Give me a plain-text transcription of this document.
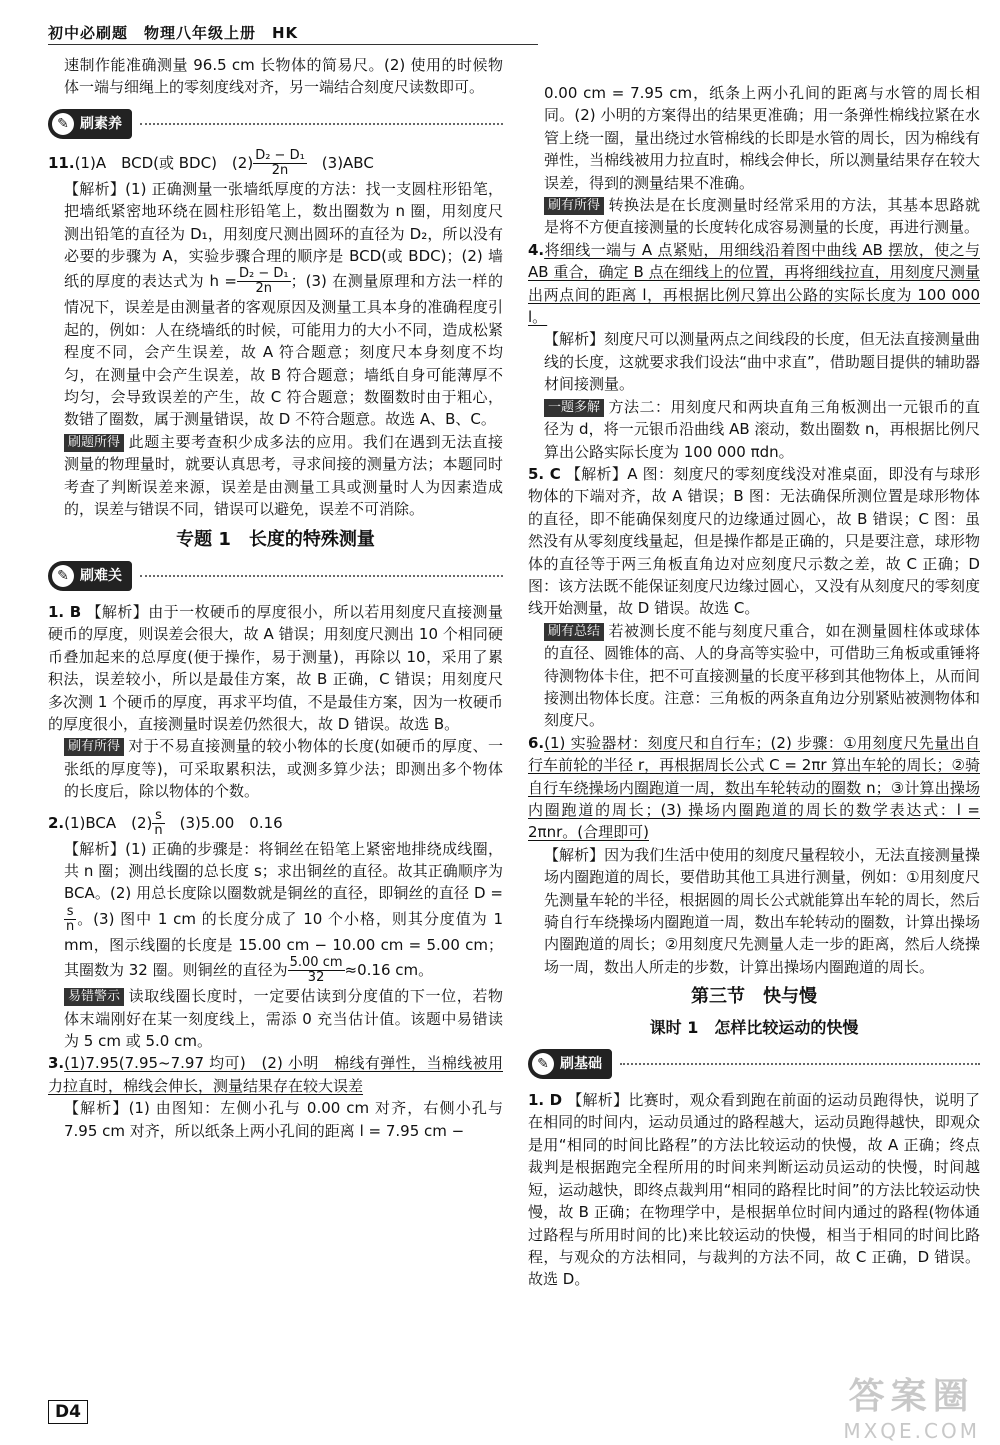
初中必刷题　物理八年级上册　HK

速制作能准确测量 96.5 cm 长物体的简易尺。(2) 使用的时候物体一端与细绳上的零刻度线对齐，另一端结合刻度尺读数即可。

✎ 刷素养

11.(1)A　BCD(或 BDC)　$(2) \frac{\text{D₂ − D₁}}{2n}$ 　(3)ABC

【解析】(1) 正确测量一张墙纸厚度的方法：找一支圆柱形铅笔，把墙纸紧密地环绕在圆柱形铅笔上，数出圈数为 n 圈，用刻度尺测出铅笔的直径为 D₁，用刻度尺测出圆环的直径为 D₂，所以没有必要的步骤为 A，实验步骤合理的顺序是 BCD(或 BDC)；(2) 墙纸的厚度的表达式为 $h = \frac{\text{D₂ − D₁}}{2n}$ ；(3) 在测量原理和方法一样的情况下，误差是由测量者的客观原因及测量工具本身的准确程度引起的，例如：人在绕墙纸的时候，可能用力的大小不同，造成松紧程度不同，会产生误差，故 A 符合题意；刻度尺本身刻度不均匀，在测量中会产生误差，故 B 符合题意；墙纸自身可能薄厚不均匀，会导致误差的产生，故 C 符合题意；数圈数时由于粗心，数错了圈数，属于测量错误，故 D 不符合题意。故选 A、B、C。

刷题所得 此题主要考查积少成多法的应用。我们在遇到无法直接测量的物理量时，就要认真思考，寻求间接的测量方法；本题同时考查了判断误差来源，误差是由测量工具或测量时人为因素造成的，误差与错误不同，错误可以避免，误差不可消除。

专题 1　长度的特殊测量

✎ 刷难关

1. B 【解析】由于一枚硬币的厚度很小，所以若用刻度尺直接测量硬币的厚度，则误差会很大，故 A 错误；用刻度尺测出 10 个相同硬币叠加起来的总厚度(便于操作，易于测量)，再除以 10，采用了累积法，误差较小，所以是最佳方案，故 B 正确，C 错误；用刻度尺多次测 1 个硬币的厚度，再求平均值，不是最佳方案，因为一枚硬币的厚度很小，直接测量时误差仍然很大，故 D 错误。故选 B。

刷有所得 对于不易直接测量的较小物体的长度(如硬币的厚度、一张纸的厚度等)，可采取累积法，或测多算少法；即测出多个物体的长度后，除以物体的个数。

2.(1)BCA　$(2) \frac{s}{n}$ 　(3)5.00　0.16

【解析】(1) 正确的步骤是：将铜丝在铅笔上紧密地排绕成线圈，共 n 圈；测出线圈的总长度 s；求出铜丝的直径。故其正确顺序为 BCA。(2) 用总长度除以圈数就是铜丝的直径，即铜丝的直径 D =
$\frac{s}{n}$ 。(3) 图中 1 cm 的长度分成了 10 个小格，则其分度值为 1 mm，图示线圈的长度是 15.00 cm − 10.00 cm = 5.00 cm；其圈数为 32 圈。则铜丝的直径为 $\frac{5.00 cm}{32} \approx 0.16$ cm。

易错警示 读取线圈长度时，一定要估读到分度值的下一位，若物体末端刚好在某一刻度线上，需添 0 充当估计值。该题中易错读为 5 cm 或 5.0 cm。

3.(1)7.95(7.95~7.97 均可)　(2) 小明　棉线有弹性，当棉线被用力拉直时，棉线会伸长，测量结果存在较大误差

【解析】(1) 由图知：左侧小孔与 0.00 cm 对齐，右侧小孔与 7.95 cm 对齐，所以纸条上两小孔间的距离 l = 7.95 cm −

0.00 cm = 7.95 cm，纸条上两小孔间的距离与水管的周长相同。(2) 小明的方案得出的结果更准确；用一条弹性棉线拉紧在水管上绕一圈，量出绕过水管棉线的长即是水管的周长，因为棉线有弹性，当棉线被用力拉直时，棉线会伸长，所以测量结果存在较大误差，得到的测量结果不准确。

刷有所得 转换法是在长度测量时经常采用的方法，其基本思路就是将不方便直接测量的长度转化成容易测量的长度，再进行测量。

4.将细线一端与 A 点紧贴，用细线沿着图中曲线 AB 摆放，使之与 AB 重合，确定 B 点在细线上的位置，再将细线拉直，用刻度尺测量出两点间的距离 l，再根据比例尺算出公路的实际长度为 100 000 l。

【解析】刻度尺可以测量两点之间线段的长度，但无法直接测量曲线的长度，这就要求我们设法“曲中求直”，借助题目提供的辅助器材间接测量。

一题多解 方法二：用刻度尺和两块直角三角板测出一元银币的直径为 d，将一元银币沿曲线 AB 滚动，数出圈数 n，再根据比例尺算出公路实际长度为 100 000 πdn。

5. C 【解析】A 图：刻度尺的零刻度线没对准桌面，即没有与球形物体的下端对齐，故 A 错误；B 图：无法确保所测位置是球形物体的直径，即不能确保刻度尺的边缘通过圆心，故 B 错误；C 图：虽然没有从零刻度线量起，但是操作都是正确的，只是要注意，球形物体的直径等于两三角板直角边对应刻度尺示数之差，故 C 正确；D 图：该方法既不能保证刻度尺边缘过圆心，又没有从刻度尺的零刻度线开始测量，故 D 错误。故选 C。

刷有总结 若被测长度不能与刻度尺重合，如在测量圆柱体或球体的直径、圆锥体的高、人的身高等实验中，可借助三角板或重锤将待测物体卡住，把不可直接测量的长度平移到其他物体上，从而间接测出物体长度。注意：三角板的两条直角边分别紧贴被测物体和刻度尺。

6.(1) 实验器材：刻度尺和自行车；(2) 步骤：①用刻度尺先量出自行车前轮的半径 r，再根据周长公式 C = 2πr 算出车轮的周长；②骑自行车绕操场内圈跑道一周，数出车轮转动的圈数 n；③计算出操场内圈跑道的周长；(3) 操场内圈跑道的周长的数学表达式：l = 2πnr。(合理即可)

【解析】因为我们生活中使用的刻度尺量程较小，无法直接测量操场内圈跑道的周长，要借助其他工具进行测量，例如：①用刻度尺先测量车轮的半径，根据圆的周长公式就能算出车轮的周长，然后骑自行车绕操场内圈跑道一周，数出车轮转动的圈数，计算出操场内圈跑道的周长；②用刻度尺先测量人走一步的距离，然后人绕操场一周，数出人所走的步数，计算出操场内圈跑道的周长。

第三节　快与慢

课时 1　怎样比较运动的快慢

✎ 刷基础

1. D 【解析】比赛时，观众看到跑在前面的运动员跑得快，说明了在相同的时间内，运动员通过的路程越大，运动员跑得越快，即观众是用“相同的时间比路程”的方法比较运动的快慢，故 A 正确；终点裁判是根据跑完全程所用的时间来判断运动员运动的快慢，时间越短，运动越快，即终点裁判用“相同的路程比时间”的方法比较运动快慢，故 B 正确；在物理学中，是根据单位时间内通过的路程(物体通过路程与所用时间的比)来比较运动的快慢，相当于相同的时间比路程，与观众的方法相同，与裁判的方法不同，故 C 正确，D 错误。故选 D。

D4	答案圈
MXQE.COM
